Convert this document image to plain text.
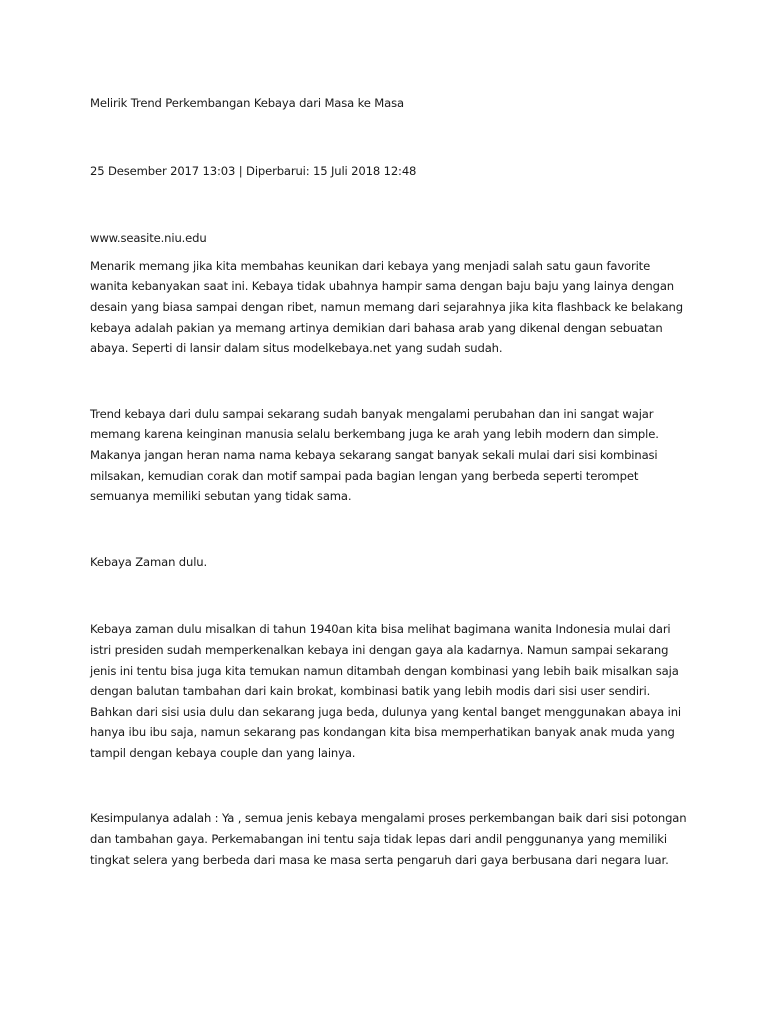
Melirik Trend Perkembangan Kebaya dari Masa ke Masa

25 Desember 2017 13:03 | Diperbarui: 15 Juli 2018 12:48

www.seasite.niu.edu

Menarik memang jika kita membahas keunikan dari kebaya yang menjadi salah satu gaun favorite wanita kebanyakan saat ini. Kebaya tidak ubahnya hampir sama dengan baju baju yang lainya dengan desain yang biasa sampai dengan ribet, namun memang dari sejarahnya jika kita flashback ke belakang kebaya adalah pakian ya memang artinya demikian dari bahasa arab yang dikenal dengan sebuatan abaya. Seperti di lansir dalam situs modelkebaya.net yang sudah sudah.

Trend kebaya dari dulu sampai sekarang sudah banyak mengalami perubahan dan ini sangat wajar memang karena keinginan manusia selalu berkembang juga ke arah yang lebih modern dan simple. Makanya jangan heran nama nama kebaya sekarang sangat banyak sekali mulai dari sisi kombinasi milsakan, kemudian corak dan motif sampai pada bagian lengan yang berbeda seperti terompet semuanya memiliki sebutan yang tidak sama.

Kebaya Zaman dulu.

Kebaya zaman dulu misalkan di tahun 1940an kita bisa melihat bagimana wanita Indonesia mulai dari istri presiden sudah memperkenalkan kebaya ini dengan gaya ala kadarnya. Namun sampai sekarang jenis ini tentu bisa juga kita temukan namun ditambah dengan kombinasi yang lebih baik misalkan saja dengan balutan tambahan dari kain brokat, kombinasi batik yang lebih modis dari sisi user sendiri. Bahkan dari sisi usia dulu dan sekarang juga beda, dulunya yang kental banget menggunakan abaya ini hanya ibu ibu saja, namun sekarang pas kondangan kita bisa memperhatikan banyak anak muda yang tampil dengan kebaya couple dan yang lainya.

Kesimpulanya adalah : Ya , semua jenis kebaya mengalami proses perkembangan baik dari sisi potongan dan tambahan gaya. Perkemabangan ini tentu saja tidak lepas dari andil penggunanya yang memiliki tingkat selera yang berbeda dari masa ke masa serta pengaruh dari gaya berbusana dari negara luar.
